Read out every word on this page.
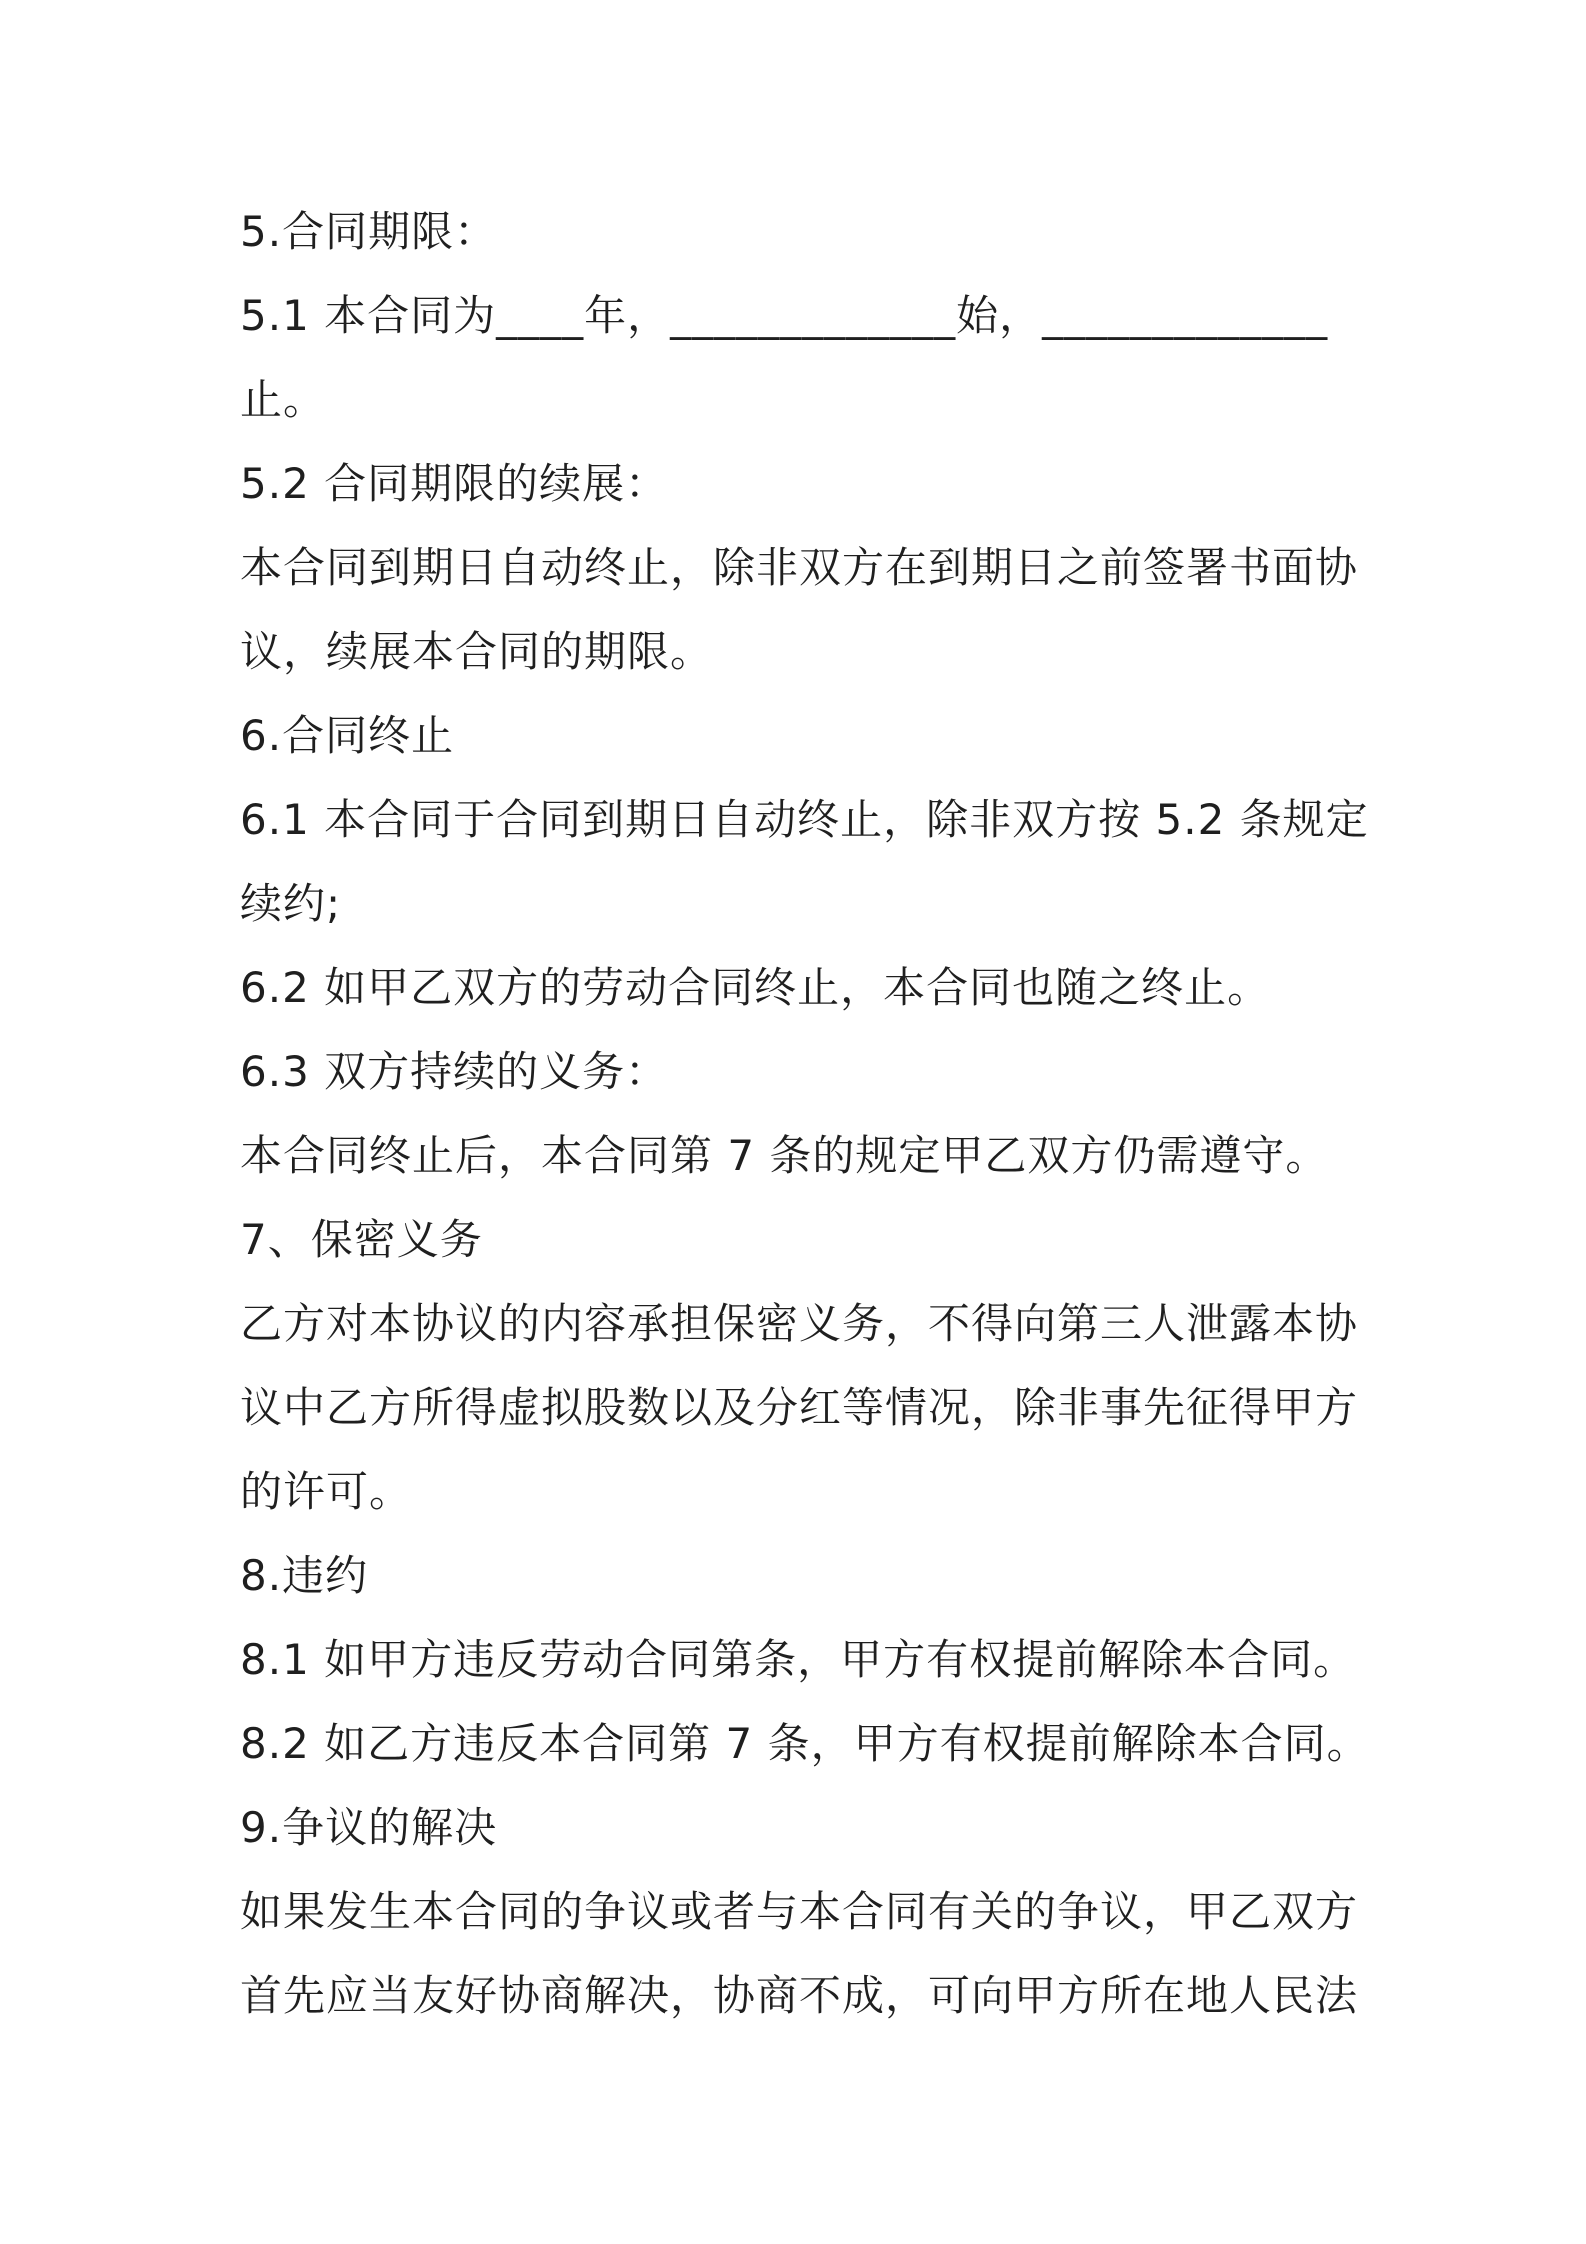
5.合同期限：
5.1 本合同为____年，_____________始，_____________
止。
5.2 合同期限的续展：
本合同到期日自动终止，除非双方在到期日之前签署书面协
议，续展本合同的期限。
6.合同终止
6.1 本合同于合同到期日自动终止，除非双方按 5.2 条规定
续约;
6.2 如甲乙双方的劳动合同终止，本合同也随之终止。
6.3 双方持续的义务：
本合同终止后，本合同第 7 条的规定甲乙双方仍需遵守。
7、保密义务
乙方对本协议的内容承担保密义务，不得向第三人泄露本协
议中乙方所得虚拟股数以及分红等情况，除非事先征得甲方
的许可。
8.违约
8.1 如甲方违反劳动合同第条，甲方有权提前解除本合同。
8.2 如乙方违反本合同第 7 条，甲方有权提前解除本合同。
9.争议的解决
如果发生本合同的争议或者与本合同有关的争议，甲乙双方
首先应当友好协商解决，协商不成，可向甲方所在地人民法
